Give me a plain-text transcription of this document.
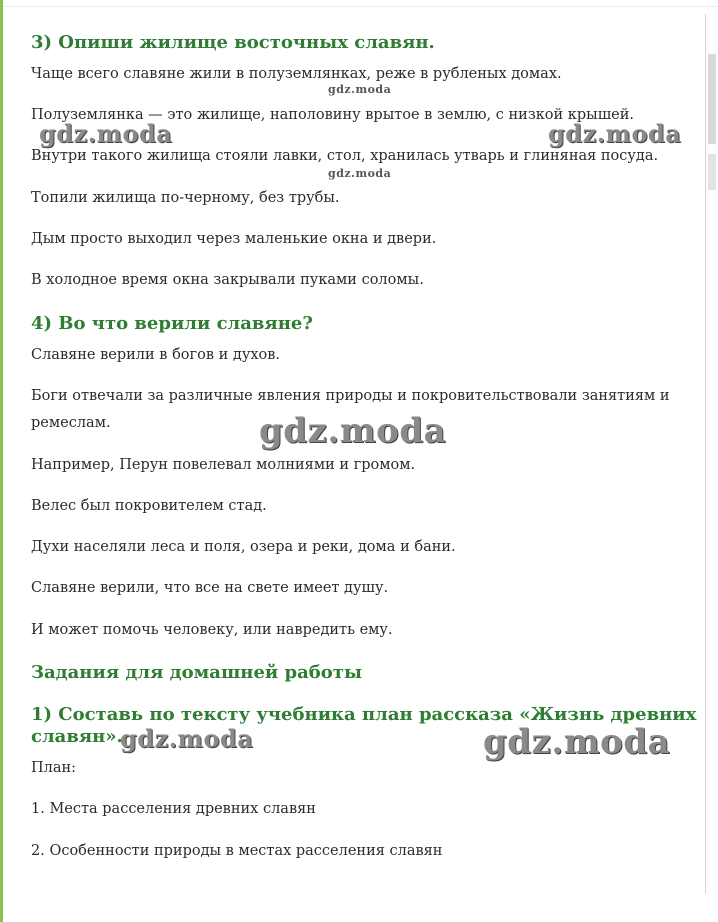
3) Опиши жилище восточных славян.

Чаще всего славяне жили в полуземлянках, реже в рубленых домах.

Полуземлянка — это жилище, наполовину врытое в землю, с низкой крышей.

Внутри такого жилища стояли лавки, стол, хранилась утварь и глиняная посуда.

Топили жилища по-черному, без трубы.

Дым просто выходил через маленькие окна и двери.

В холодное время окна закрывали пуками соломы.

4) Во что верили славяне?

Славяне верили в богов и духов.

Боги отвечали за различные явления природы и покровительствовали занятиям и

ремеслам.

Например, Перун повелевал молниями и громом.

Велес был покровителем стад.

Духи населяли леса и поля, озера и реки, дома и бани.

Славяне верили, что все на свете имеет душу.

И может помочь человеку, или навредить ему.

Задания для домашней работы
1) Составь по тексту учебника план рассказа «Жизнь древних
славян».

План:

1. Места расселения древних славян

2. Особенности природы в местах расселения славян

gdz.moda
gdz.moda	gdz.moda
gdz.moda
gdz.moda
gdz.moda	gdz.moda
